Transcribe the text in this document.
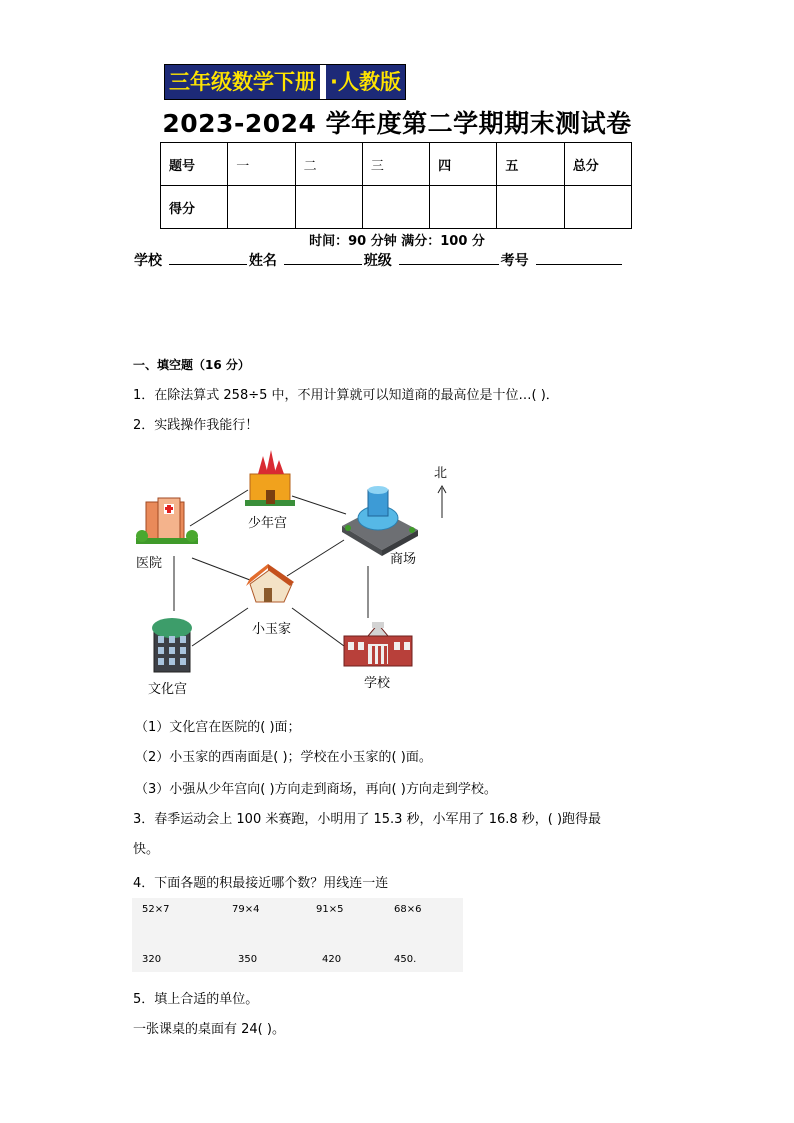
三年级数学下册 ·人教版
2023-2024 学年度第二学期期末测试卷
题号	一	二	三	四	五	总分
得分						
时间：90 分钟 满分：100 分
学校	姓名	班级	考号
一、填空题（16 分）
1．在除法算式 258÷5 中，不用计算就可以知道商的最高位是十位…( )．
2．实践操作我能行！
少年宫
医院	商场
小玉家
文化宫	学校
北
（1）文化宫在医院的( )面；
（2）小玉家的西南面是( )；学校在小玉家的( )面。
（3）小强从少年宫向( )方向走到商场，再向( )方向走到学校。
3．春季运动会上 100 米赛跑，小明用了 15.3 秒，小军用了 16.8 秒，( )跑得最
快。
4．下面各题的积最接近哪个数？用线连一连
52×7	79×4	91×5	68×6
320	350	420	450.
5．填上合适的单位。
一张课桌的桌面有 24( )。
